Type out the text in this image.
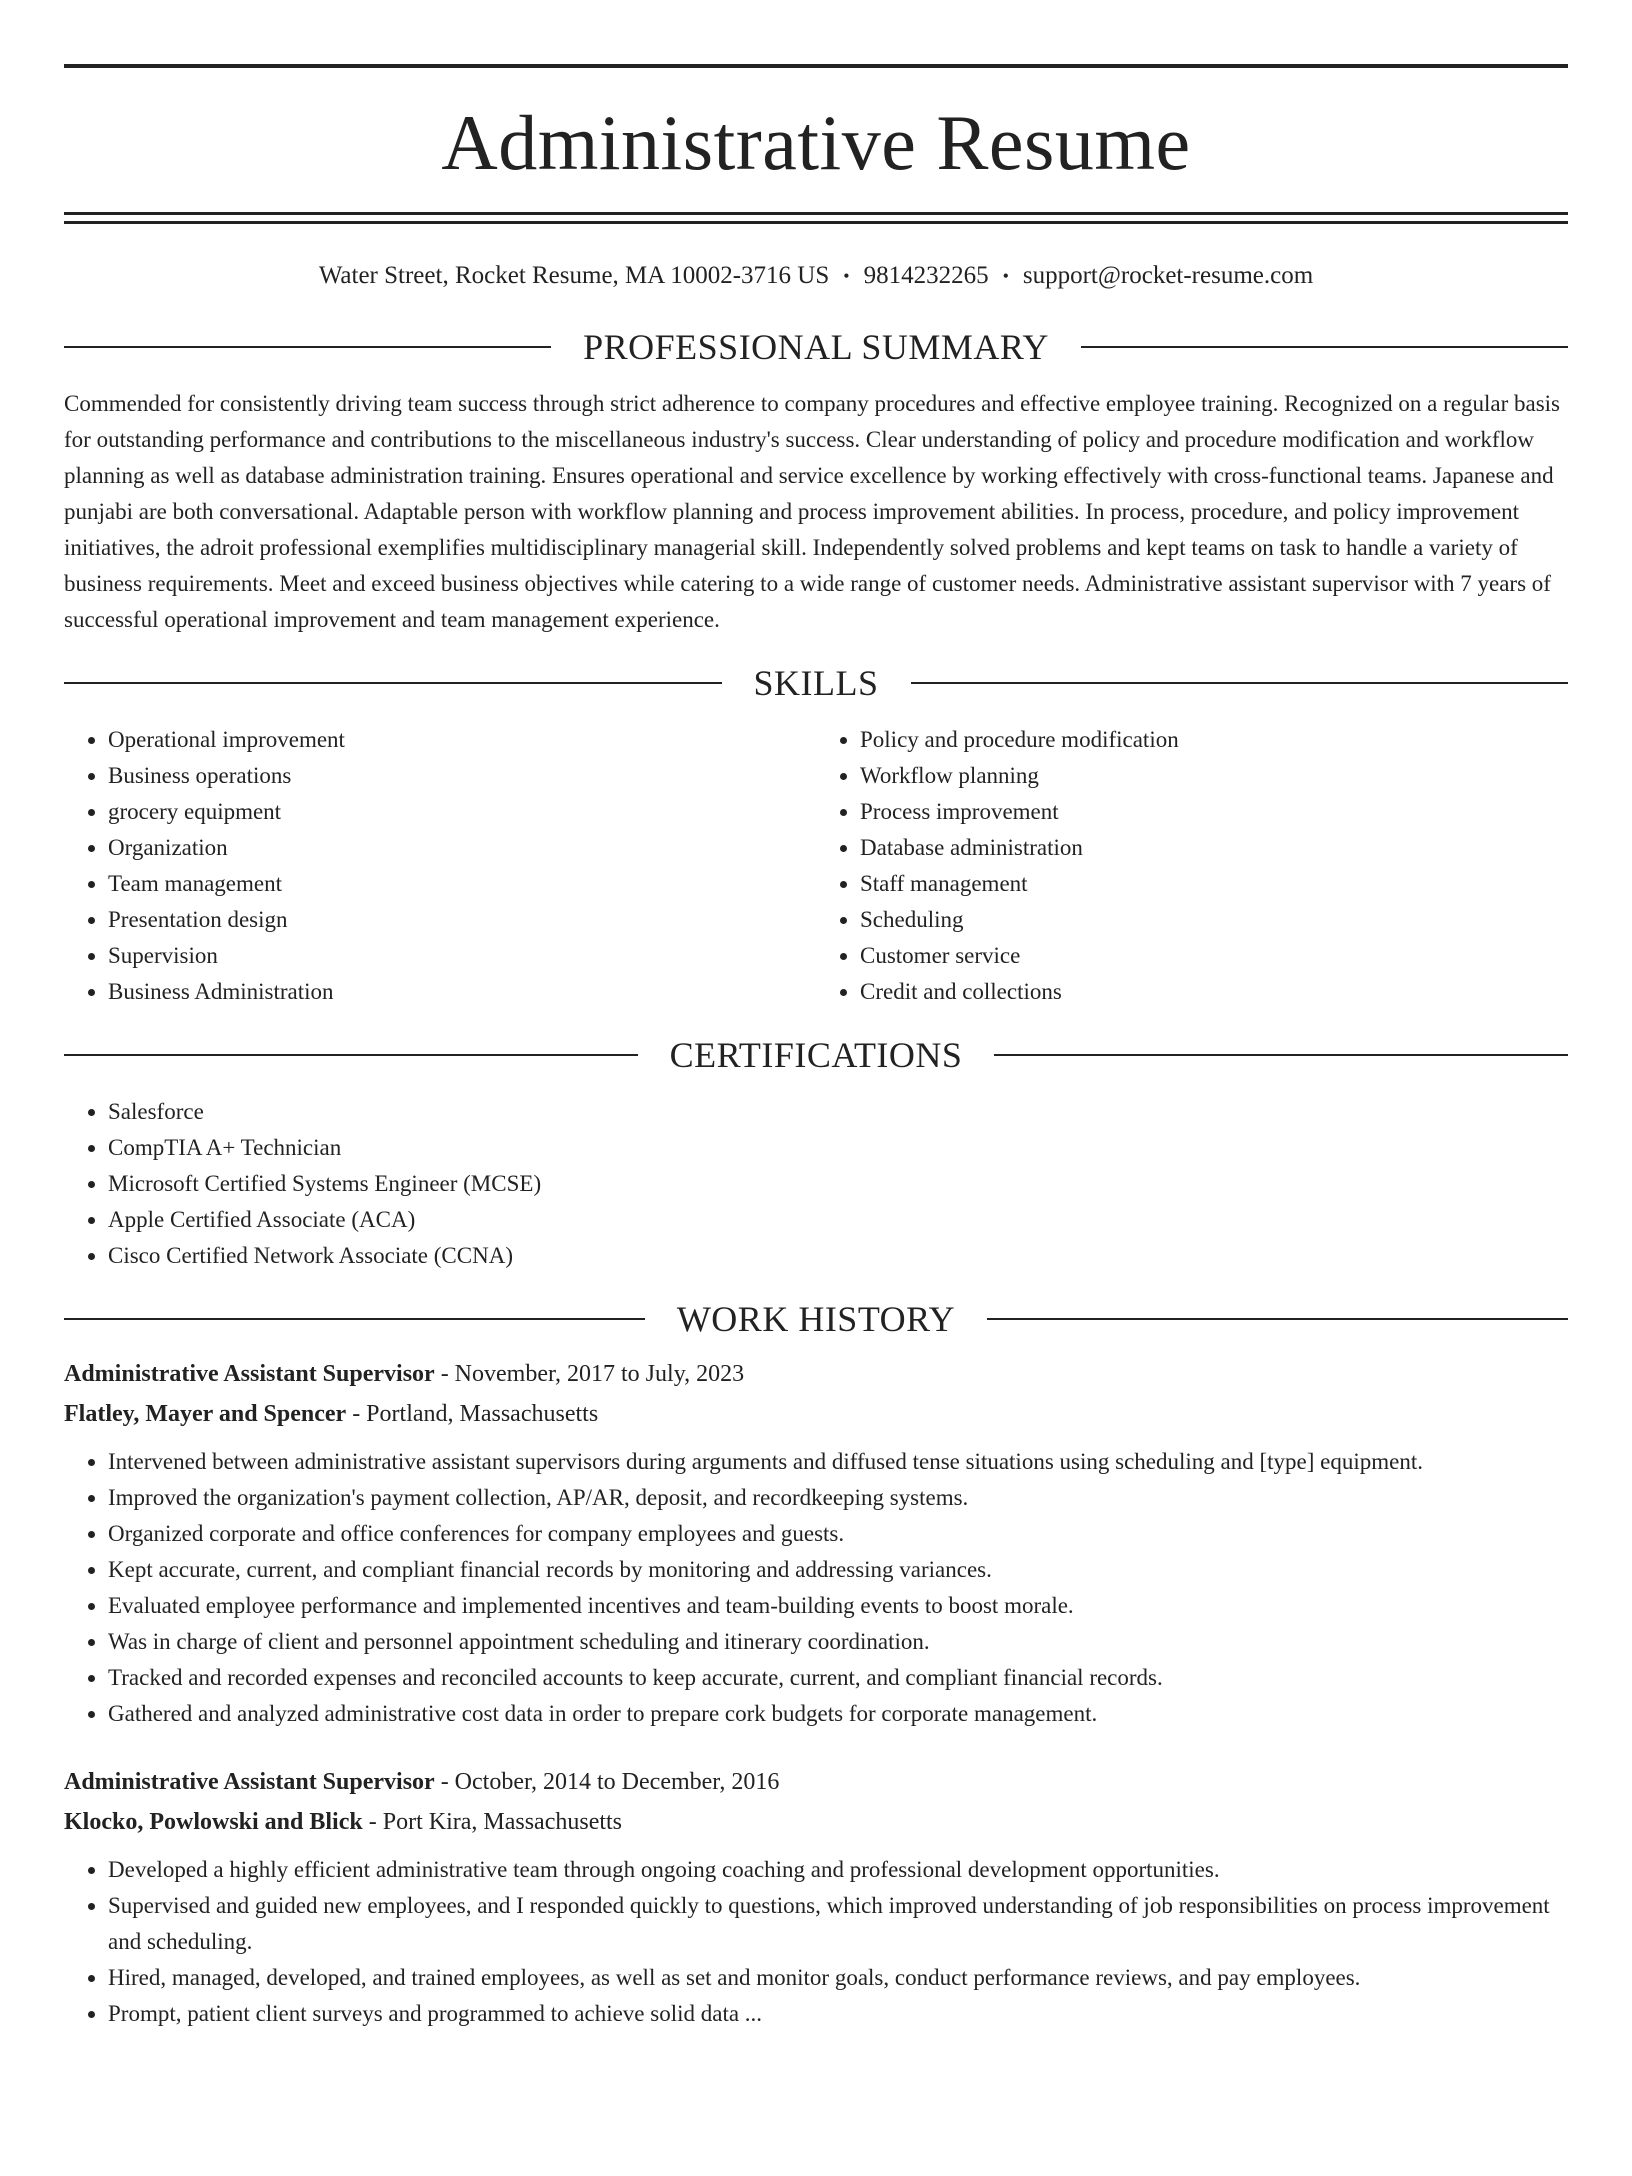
Administrative Resume
Water Street, Rocket Resume, MA 10002-3716 US • 9814232265 • support@rocket-resume.com
PROFESSIONAL SUMMARY

Commended for consistently driving team success through strict adherence to company procedures and effective employee training. Recognized on a regular basis for outstanding performance and contributions to the miscellaneous industry's success. Clear understanding of policy and procedure modification and workflow planning as well as database administration training. Ensures operational and service excellence by working effectively with cross-functional teams. Japanese and punjabi are both conversational. Adaptable person with workflow planning and process improvement abilities. In process, procedure, and policy improvement initiatives, the adroit professional exemplifies multidisciplinary managerial skill. Independently solved problems and kept teams on task to handle a variety of business requirements. Meet and exceed business objectives while catering to a wide range of customer needs. Administrative assistant supervisor with 7 years of successful operational improvement and team management experience.

SKILLS
• Operational improvement
• Business operations
• grocery equipment
• Organization
• Team management
• Presentation design
• Supervision
• Business Administration
• Policy and procedure modification
• Workflow planning
• Process improvement
• Database administration
• Staff management
• Scheduling
• Customer service
• Credit and collections
CERTIFICATIONS
• Salesforce
• CompTIA A+ Technician
• Microsoft Certified Systems Engineer (MCSE)
• Apple Certified Associate (ACA)
• Cisco Certified Network Associate (CCNA)
WORK HISTORY
Administrative Assistant Supervisor - November, 2017 to July, 2023
Flatley, Mayer and Spencer - Portland, Massachusetts
• Intervened between administrative assistant supervisors during arguments and diffused tense situations using scheduling and [type] equipment.
• Improved the organization's payment collection, AP/AR, deposit, and recordkeeping systems.
• Organized corporate and office conferences for company employees and guests.
• Kept accurate, current, and compliant financial records by monitoring and addressing variances.
• Evaluated employee performance and implemented incentives and team-building events to boost morale.
• Was in charge of client and personnel appointment scheduling and itinerary coordination.
• Tracked and recorded expenses and reconciled accounts to keep accurate, current, and compliant financial records.
• Gathered and analyzed administrative cost data in order to prepare cork budgets for corporate management.
Administrative Assistant Supervisor - October, 2014 to December, 2016
Klocko, Powlowski and Blick - Port Kira, Massachusetts
• Developed a highly efficient administrative team through ongoing coaching and professional development opportunities.
• Supervised and guided new employees, and I responded quickly to questions, which improved understanding of job responsibilities on process improvement and scheduling.
• Hired, managed, developed, and trained employees, as well as set and monitor goals, conduct performance reviews, and pay employees.
• Prompt, patient client surveys and programmed to achieve solid data ...
